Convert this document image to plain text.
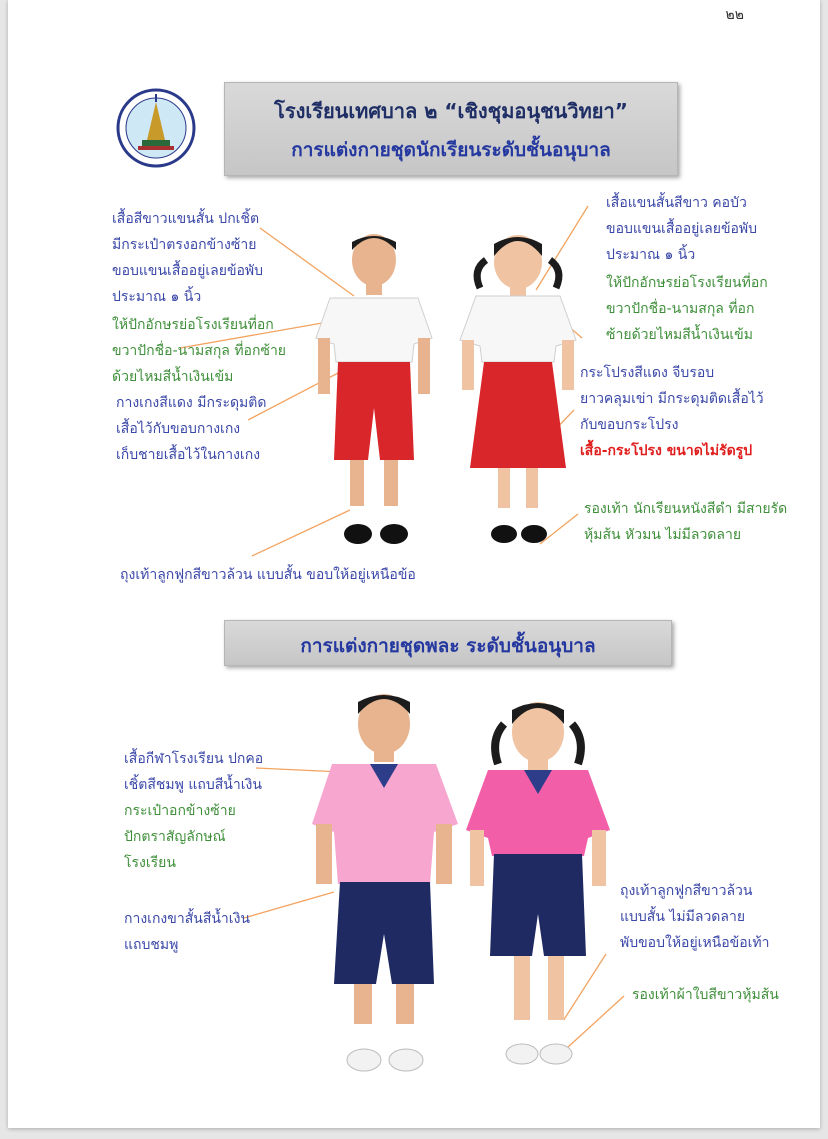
๒๒
โรงเรียนเทศบาล ๒ “เชิงชุมอนุชนวิทยา”
การแต่งกายชุดนักเรียนระดับชั้นอนุบาล
เสื้อสีขาวแขนสั้น ปกเชิ้ต
มีกระเป๋าตรงอกข้างซ้าย
ขอบแขนเสื้ออยู่เลยข้อพับ
ประมาณ ๑ นิ้ว
ให้ปักอักษรย่อโรงเรียนที่อก
ขวาปักชื่อ-นามสกุล ที่อกซ้าย
ด้วยไหมสีน้ำเงินเข้ม
กางเกงสีแดง มีกระดุมติด
เสื้อไว้กับขอบกางเกง
เก็บชายเสื้อไว้ในกางเกง
ถุงเท้าลูกฟูกสีขาวล้วน แบบสั้น ขอบให้อยู่เหนือข้อ
เสื้อแขนสั้นสีขาว คอบัว
ขอบแขนเสื้ออยู่เลยข้อพับ
ประมาณ ๑ นิ้ว
ให้ปักอักษรย่อโรงเรียนที่อก
ขวาปักชื่อ-นามสกุล ที่อก
ซ้ายด้วยไหมสีน้ำเงินเข้ม
กระโปรงสีแดง จีบรอบ
ยาวคลุมเข่า มีกระดุมติดเสื้อไว้
กับขอบกระโปรง
เสื้อ-กระโปรง ขนาดไม่รัดรูป
รองเท้า นักเรียนหนังสีดำ มีสายรัด
หุ้มส้น หัวมน ไม่มีลวดลาย
การแต่งกายชุดพละ ระดับชั้นอนุบาล
เสื้อกีฬาโรงเรียน ปกคอ
เชิ้ตสีชมพู แถบสีน้ำเงิน
กระเป๋าอกข้างซ้าย
ปักตราสัญลักษณ์
โรงเรียน
กางเกงขาสั้นสีน้ำเงิน
แถบชมพู
ถุงเท้าลูกฟูกสีขาวล้วน
แบบสั้น ไม่มีลวดลาย
พับขอบให้อยู่เหนือข้อเท้า
รองเท้าผ้าใบสีขาวหุ้มส้น
